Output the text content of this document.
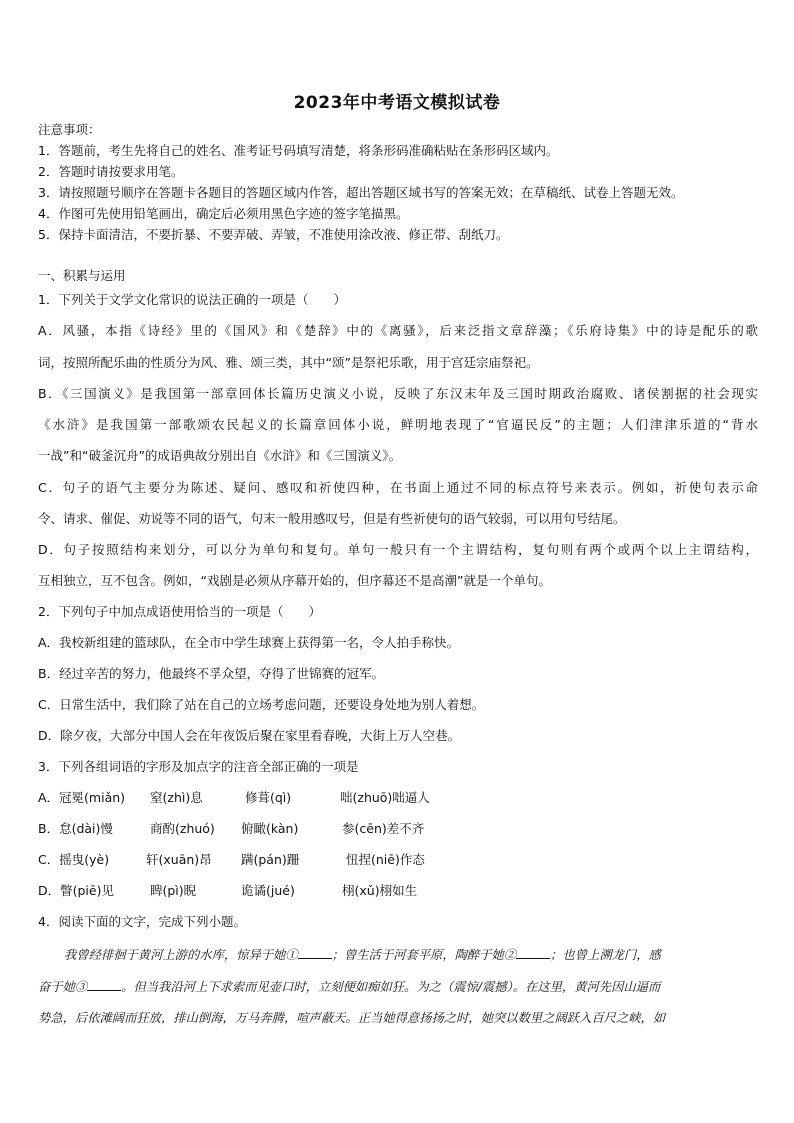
2023年中考语文模拟试卷
注意事项：
1．答题前，考生先将自己的姓名、准考证号码填写清楚，将条形码准确粘贴在条形码区域内。
2．答题时请按要求用笔。
3．请按照题号顺序在答题卡各题目的答题区域内作答，超出答题区域书写的答案无效；在草稿纸、试卷上答题无效。
4．作图可先使用铅笔画出，确定后必须用黑色字迹的签字笔描黑。
5．保持卡面清洁，不要折暴、不要弄破、弄皱，不准使用涂改液、修正带、刮纸刀。
一、积累与运用
1．下列关于文学文化常识的说法正确的一项是（　　）
A．风骚，本指《诗经》里的《国风》和《楚辞》中的《离骚》，后来泛指文章辞藻；《乐府诗集》中的诗是配乐的歌
词，按照所配乐曲的性质分为风、雅、颂三类，其中“颂”是祭祀乐歌，用于宫廷宗庙祭祀。
B．《三国演义》是我国第一部章回体长篇历史演义小说，反映了东汉末年及三国时期政治腐败、诸侯割据的社会现实
《水浒》是我国第一部歌颂农民起义的长篇章回体小说，鲜明地表现了“官逼民反”的主题；人们津津乐道的“背水
一战”和“破釜沉舟”的成语典故分别出自《水浒》和《三国演义》。
C．句子的语气主要分为陈述、疑问、感叹和祈使四种，在书面上通过不同的标点符号来表示。例如，祈使句表示命
令、请求、催促、劝说等不同的语气，句末一般用感叹号，但是有些祈使句的语气较弱，可以用句号结尾。
D．句子按照结构来划分，可以分为单句和复句。单句一般只有一个主谓结构，复句则有两个或两个以上主谓结构，
互相独立，互不包含。例如，“戏剧是必须从序幕开始的，但序幕还不是高潮”就是一个单句。
2．下列句子中加点成语使用恰当的一项是（　　）
A．我校新组建的篮球队，在全市中学生球赛上获得第一名，令人拍手称快。
B．经过辛苦的努力，他最终不孚众望，夺得了世锦赛的冠军。
C．日常生活中，我们除了站在自己的立场考虑问题，还要设身处地为别人着想。
D．除夕夜，大部分中国人会在年夜饭后聚在家里看春晚，大街上万人空巷。
3．下列各组词语的字形及加点字的注音全部正确的一项是
A．冠冕(miǎn) 窒(zhì)息	修葺(qì)	咄(zhuō)咄逼人
B．怠(dài)慢	商酌(zhuó) 俯瞰(kàn)	参(cēn)差不齐
C．摇曳(yè)	轩(xuān)昂 蹒(pán)跚	忸捏(niē)作态
D．瞥(piē)见	睥(pì)睨	诡谲(jué)	栩(xǔ)栩如生
4．阅读下面的文字，完成下列小题。
我曾经徘徊于黄河上游的水库，惊异于她①	；曾生活于河套平原，陶醉于她②	；也曾上溯龙门，感
奋于她③	。但当我沿河上下求索而见壶口时，立刻便如痴如狂。为之（震惊/震撼）。在这里，黄河先因山逼而
势急，后依滩阔而狂放，排山倒海，万马奔腾，喧声蔽天。正当她得意扬扬之时，她突以数里之阔跃入百尺之峡，如
